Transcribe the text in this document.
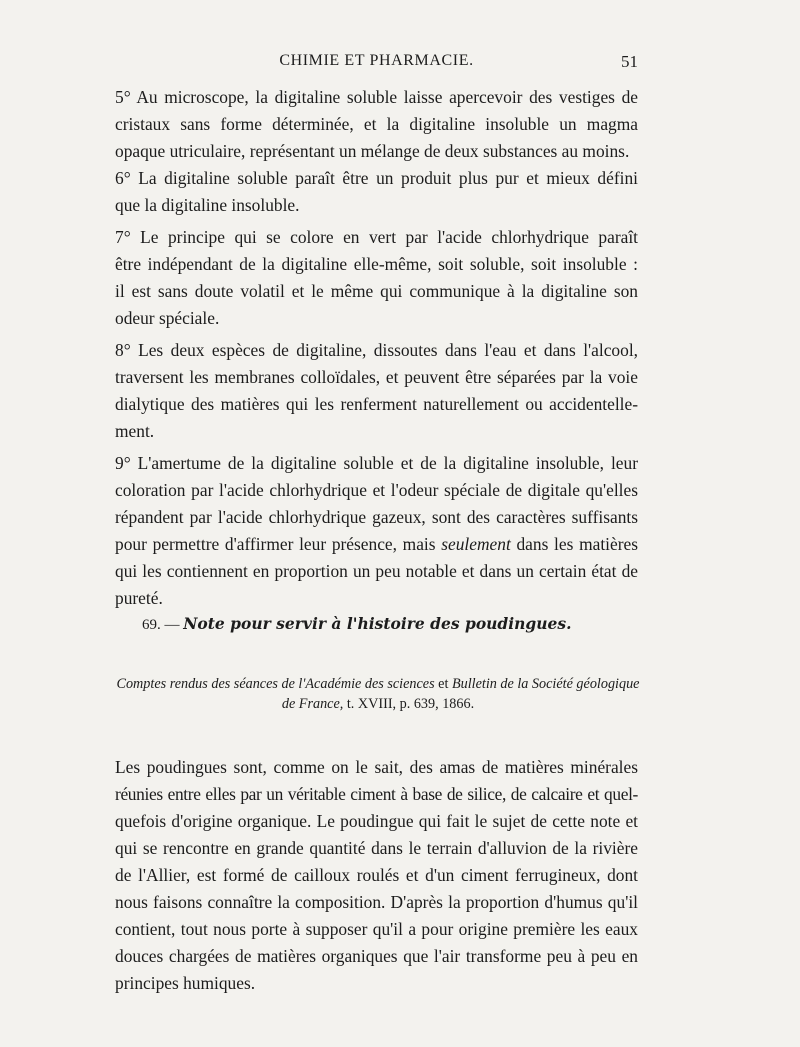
CHIMIE ET PHARMACIE.	51

5° Au microscope, la digitaline soluble laisse apercevoir des vestiges de
cristaux sans forme déterminée, et la digitaline insoluble un magma
opaque utriculaire, représentant un mélange de deux substances au moins.

6° La digitaline soluble paraît être un produit plus pur et mieux défini
que la digitaline insoluble.

7° Le principe qui se colore en vert par l'acide chlorhydrique paraît
être indépendant de la digitaline elle-même, soit soluble, soit insoluble :
il est sans doute volatil et le même qui communique à la digitaline son
odeur spéciale.

8° Les deux espèces de digitaline, dissoutes dans l'eau et dans l'alcool,
traversent les membranes colloïdales, et peuvent être séparées par la voie
dialytique des matières qui les renferment naturellement ou accidentelle-
ment.

9° L'amertume de la digitaline soluble et de la digitaline insoluble, leur
coloration par l'acide chlorhydrique et l'odeur spéciale de digitale qu'elles
répandent par l'acide chlorhydrique gazeux, sont des caractères suffisants
pour permettre d'affirmer leur présence, mais seulement dans les matières
qui les contiennent en proportion un peu notable et dans un certain état de
pureté.

69. — Note pour servir à l'histoire des poudingues.
Comptes rendus des séances de l'Académie des sciences et Bulletin de la Société géologique
de France, t. XVIII, p. 639, 1866.

Les poudingues sont, comme on le sait, des amas de matières minérales
réunies entre elles par un véritable ciment à base de silice, de calcaire et quel-
quefois d'origine organique. Le poudingue qui fait le sujet de cette note et
qui se rencontre en grande quantité dans le terrain d'alluvion de la rivière
de l'Allier, est formé de cailloux roulés et d'un ciment ferrugineux, dont
nous faisons connaître la composition. D'après la proportion d'humus qu'il
contient, tout nous porte à supposer qu'il a pour origine première les eaux
douces chargées de matières organiques que l'air transforme peu à peu en
principes humiques.
